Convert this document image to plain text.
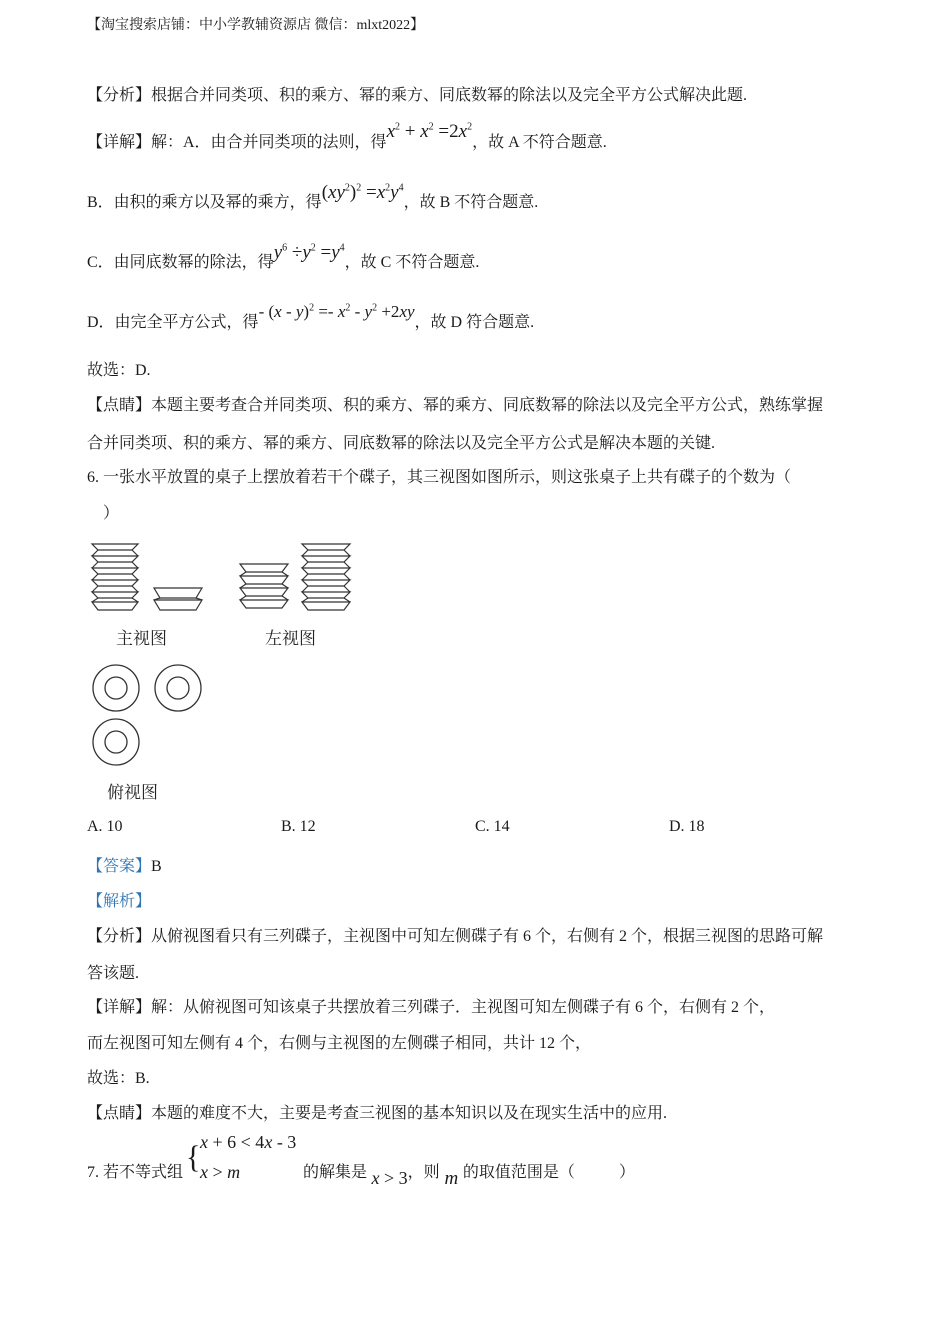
【淘宝搜索店铺：中小学教辅资源店 微信：mlxt2022】
【分析】根据合并同类项、积的乘方、幂的乘方、同底数幂的除法以及完全平方公式解决此题.
【详解】解：A．由合并同类项的法则，得$x^2 + x^2 =2x^2$，故 A 不符合题意.
B．由积的乘方以及幂的乘方，得$(xy^2)^2 =x^2y^4$，故 B 不符合题意.
C．由同底数幂的除法，得$y^6 \div y^2 =y^4$，故 C 不符合题意.
D．由完全平方公式，得- $(x - y)^2 =- x^2 - y^2 +2xy$，故 D 符合题意.
故选：D.
【点睛】本题主要考查合并同类项、积的乘方、幂的乘方、同底数幂的除法以及完全平方公式，熟练掌握
合并同类项、积的乘方、幂的乘方、同底数幂的除法以及完全平方公式是解决本题的关键.
6. 一张水平放置的桌子上摆放着若干个碟子，其三视图如图所示，则这张桌子上共有碟子的个数为（
）
主视图	左视图
俯视图
A. 10	B. 12	C. 14	D. 18
【答案】B
【解析】
【分析】从俯视图看只有三列碟子，主视图中可知左侧碟子有 6 个，右侧有 2 个，根据三视图的思路可解
答该题.
【详解】解：从俯视图可知该桌子共摆放着三列碟子．主视图可知左侧碟子有 6 个，右侧有 2 个，
而左视图可知左侧有 4 个，右侧与主视图的左侧碟子相同，共计 12 个，
故选：B.
【点睛】本题的难度不大，主要是考查三视图的基本知识以及在现实生活中的应用.
7. 若不等式组 { x + 6 < 4x - 3
x > m	的解集是 x > 3，则 m 的取值范围是（	）
